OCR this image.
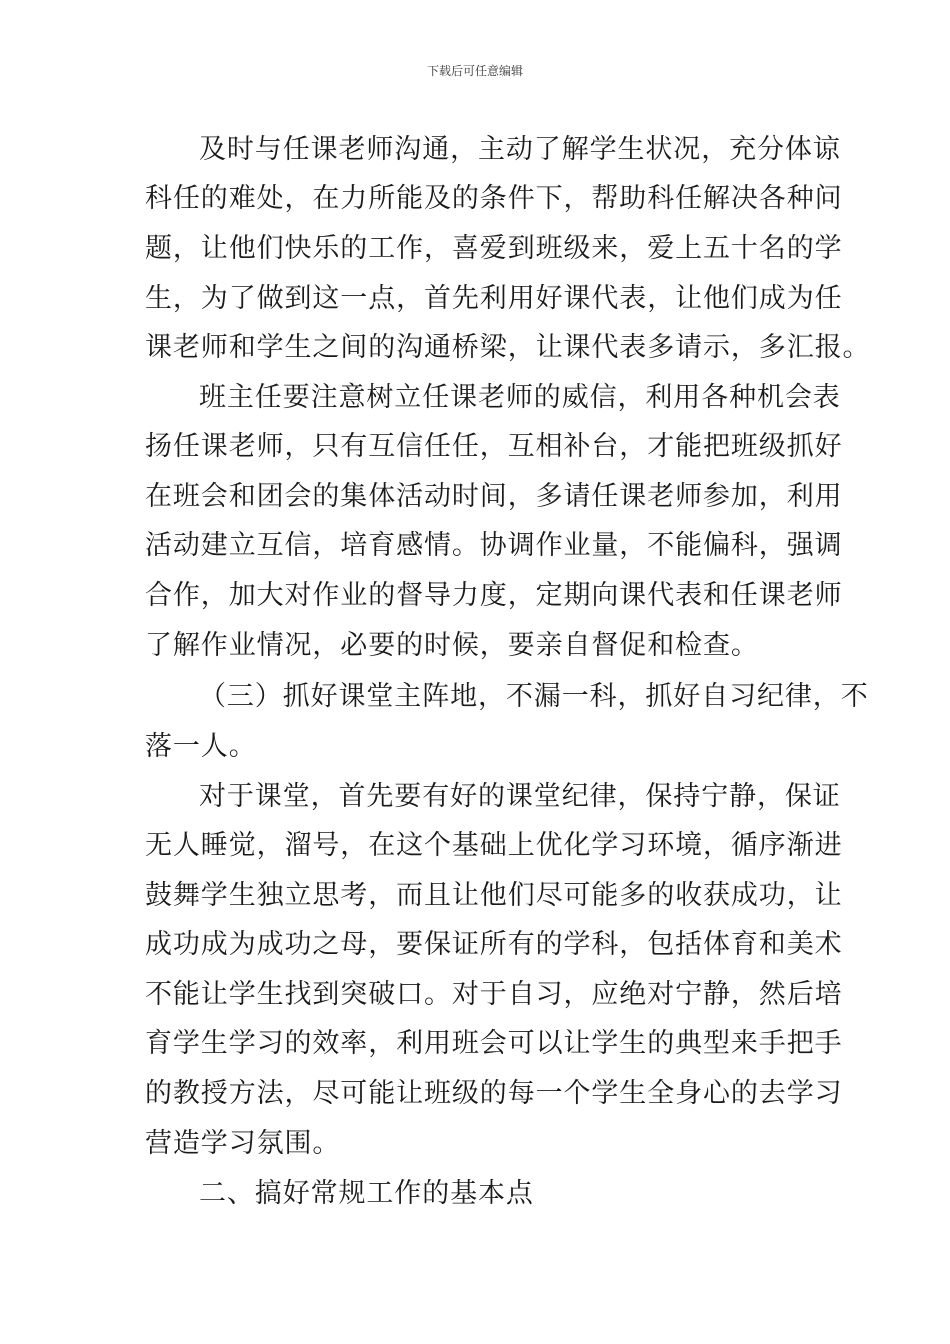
下载后可任意编辑
及时与任课老师沟通，主动了解学生状况，充分体谅
科任的难处，在力所能及的条件下，帮助科任解决各种问
题，让他们快乐的工作，喜爱到班级来，爱上五十名的学
生，为了做到这一点，首先利用好课代表，让他们成为任
课老师和学生之间的沟通桥梁，让课代表多请示，多汇报。
班主任要注意树立任课老师的威信，利用各种机会表
扬任课老师，只有互信任任，互相补台，才能把班级抓好
在班会和团会的集体活动时间，多请任课老师参加，利用
活动建立互信，培育感情。协调作业量，不能偏科，强调
合作，加大对作业的督导力度，定期向课代表和任课老师
了解作业情况，必要的时候，要亲自督促和检查。
（三）抓好课堂主阵地，不漏一科，抓好自习纪律，不
落一人。
对于课堂，首先要有好的课堂纪律，保持宁静，保证
无人睡觉，溜号，在这个基础上优化学习环境，循序渐进
鼓舞学生独立思考，而且让他们尽可能多的收获成功，让
成功成为成功之母，要保证所有的学科，包括体育和美术
不能让学生找到突破口。对于自习，应绝对宁静，然后培
育学生学习的效率，利用班会可以让学生的典型来手把手
的教授方法，尽可能让班级的每一个学生全身心的去学习
营造学习氛围。
二、搞好常规工作的基本点
